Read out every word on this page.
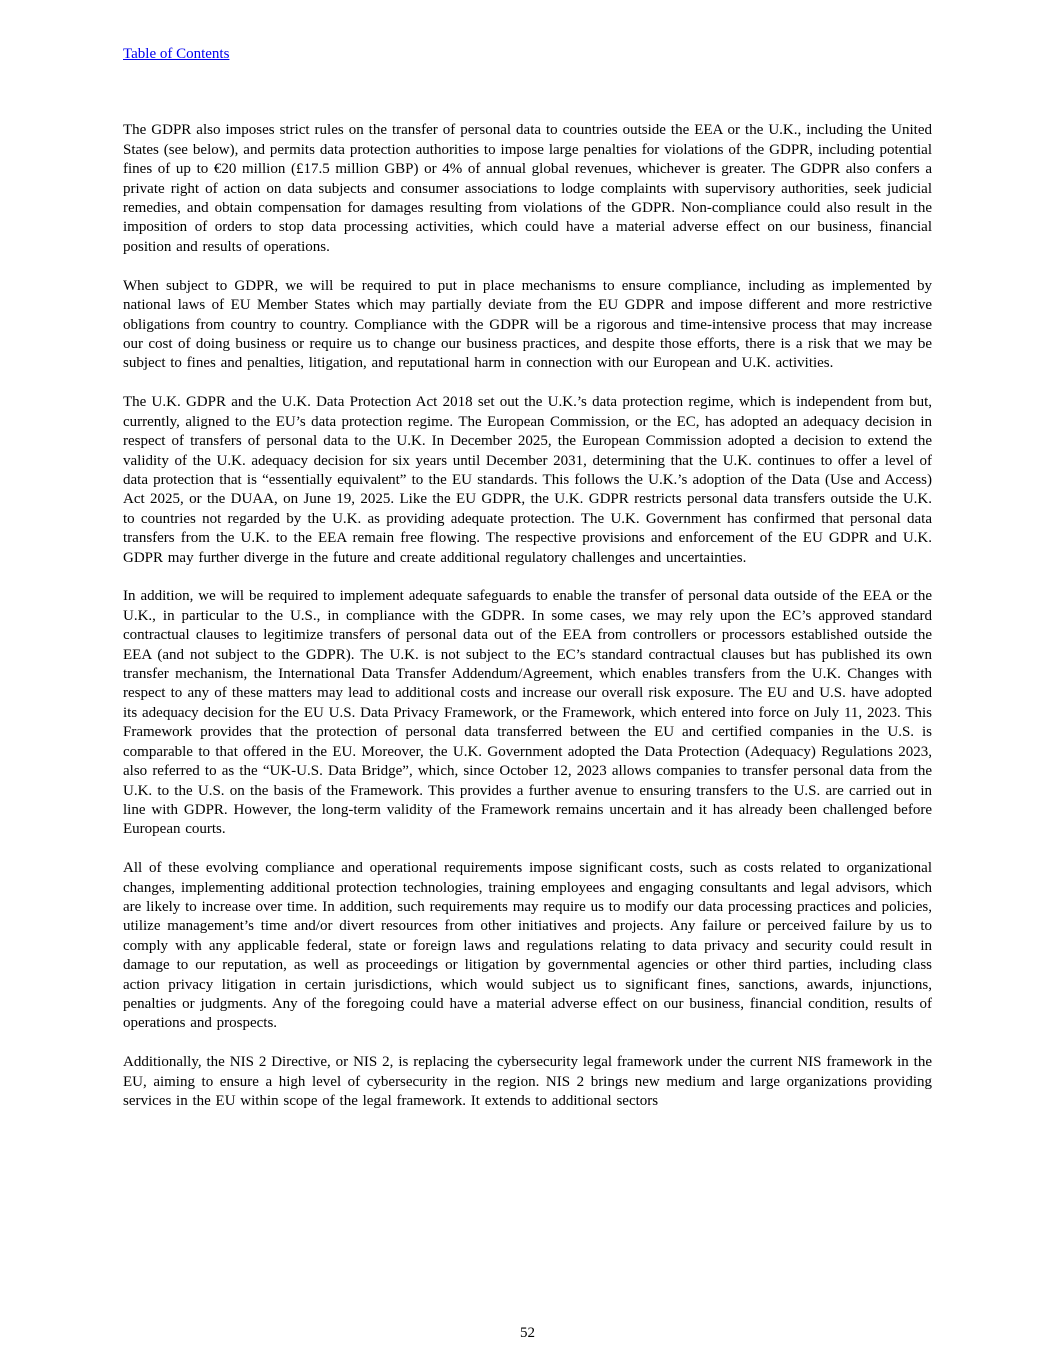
Table of Contents

The GDPR also imposes strict rules on the transfer of personal data to countries outside the EEA or the U.K., including the United States (see below), and permits data protection authorities to impose large penalties for violations of the GDPR, including potential fines of up to €20 million (£17.5 million GBP) or 4% of annual global revenues, whichever is greater. The GDPR also confers a private right of action on data subjects and consumer associations to lodge complaints with supervisory authorities, seek judicial remedies, and obtain compensation for damages resulting from violations of the GDPR. Non-compliance could also result in the imposition of orders to stop data processing activities, which could have a material adverse effect on our business, financial position and results of operations.

When subject to GDPR, we will be required to put in place mechanisms to ensure compliance, including as implemented by national laws of EU Member States which may partially deviate from the EU GDPR and impose different and more restrictive obligations from country to country. Compliance with the GDPR will be a rigorous and time-intensive process that may increase our cost of doing business or require us to change our business practices, and despite those efforts, there is a risk that we may be subject to fines and penalties, litigation, and reputational harm in connection with our European and U.K. activities.

The U.K. GDPR and the U.K. Data Protection Act 2018 set out the U.K.’s data protection regime, which is independent from but, currently, aligned to the EU’s data protection regime. The European Commission, or the EC, has adopted an adequacy decision in respect of transfers of personal data to the U.K. In December 2025, the European Commission adopted a decision to extend the validity of the U.K. adequacy decision for six years until December 2031, determining that the U.K. continues to offer a level of data protection that is “essentially equivalent” to the EU standards. This follows the U.K.’s adoption of the Data (Use and Access) Act 2025, or the DUAA, on June 19, 2025. Like the EU GDPR, the U.K. GDPR restricts personal data transfers outside the U.K. to countries not regarded by the U.K. as providing adequate protection. The U.K. Government has confirmed that personal data transfers from the U.K. to the EEA remain free flowing. The respective provisions and enforcement of the EU GDPR and U.K. GDPR may further diverge in the future and create additional regulatory challenges and uncertainties.

In addition, we will be required to implement adequate safeguards to enable the transfer of personal data outside of the EEA or the U.K., in particular to the U.S., in compliance with the GDPR. In some cases, we may rely upon the EC’s approved standard contractual clauses to legitimize transfers of personal data out of the EEA from controllers or processors established outside the EEA (and not subject to the GDPR). The U.K. is not subject to the EC’s standard contractual clauses but has published its own transfer mechanism, the International Data Transfer Addendum/Agreement, which enables transfers from the U.K. Changes with respect to any of these matters may lead to additional costs and increase our overall risk exposure. The EU and U.S. have adopted its adequacy decision for the EU U.S. Data Privacy Framework, or the Framework, which entered into force on July 11, 2023. This Framework provides that the protection of personal data transferred between the EU and certified companies in the U.S. is comparable to that offered in the EU. Moreover, the U.K. Government adopted the Data Protection (Adequacy) Regulations 2023, also referred to as the “UK-U.S. Data Bridge”, which, since October 12, 2023 allows companies to transfer personal data from the U.K. to the U.S. on the basis of the Framework. This provides a further avenue to ensuring transfers to the U.S. are carried out in line with GDPR. However, the long-term validity of the Framework remains uncertain and it has already been challenged before European courts.

All of these evolving compliance and operational requirements impose significant costs, such as costs related to organizational changes, implementing additional protection technologies, training employees and engaging consultants and legal advisors, which are likely to increase over time. In addition, such requirements may require us to modify our data processing practices and policies, utilize management’s time and/or divert resources from other initiatives and projects. Any failure or perceived failure by us to comply with any applicable federal, state or foreign laws and regulations relating to data privacy and security could result in damage to our reputation, as well as proceedings or litigation by governmental agencies or other third parties, including class action privacy litigation in certain jurisdictions, which would subject us to significant fines, sanctions, awards, injunctions, penalties or judgments. Any of the foregoing could have a material adverse effect on our business, financial condition, results of operations and prospects.

Additionally, the NIS 2 Directive, or NIS 2, is replacing the cybersecurity legal framework under the current NIS framework in the EU, aiming to ensure a high level of cybersecurity in the region. NIS 2 brings new medium and large organizations providing services in the EU within scope of the legal framework. It extends to additional sectors

52
